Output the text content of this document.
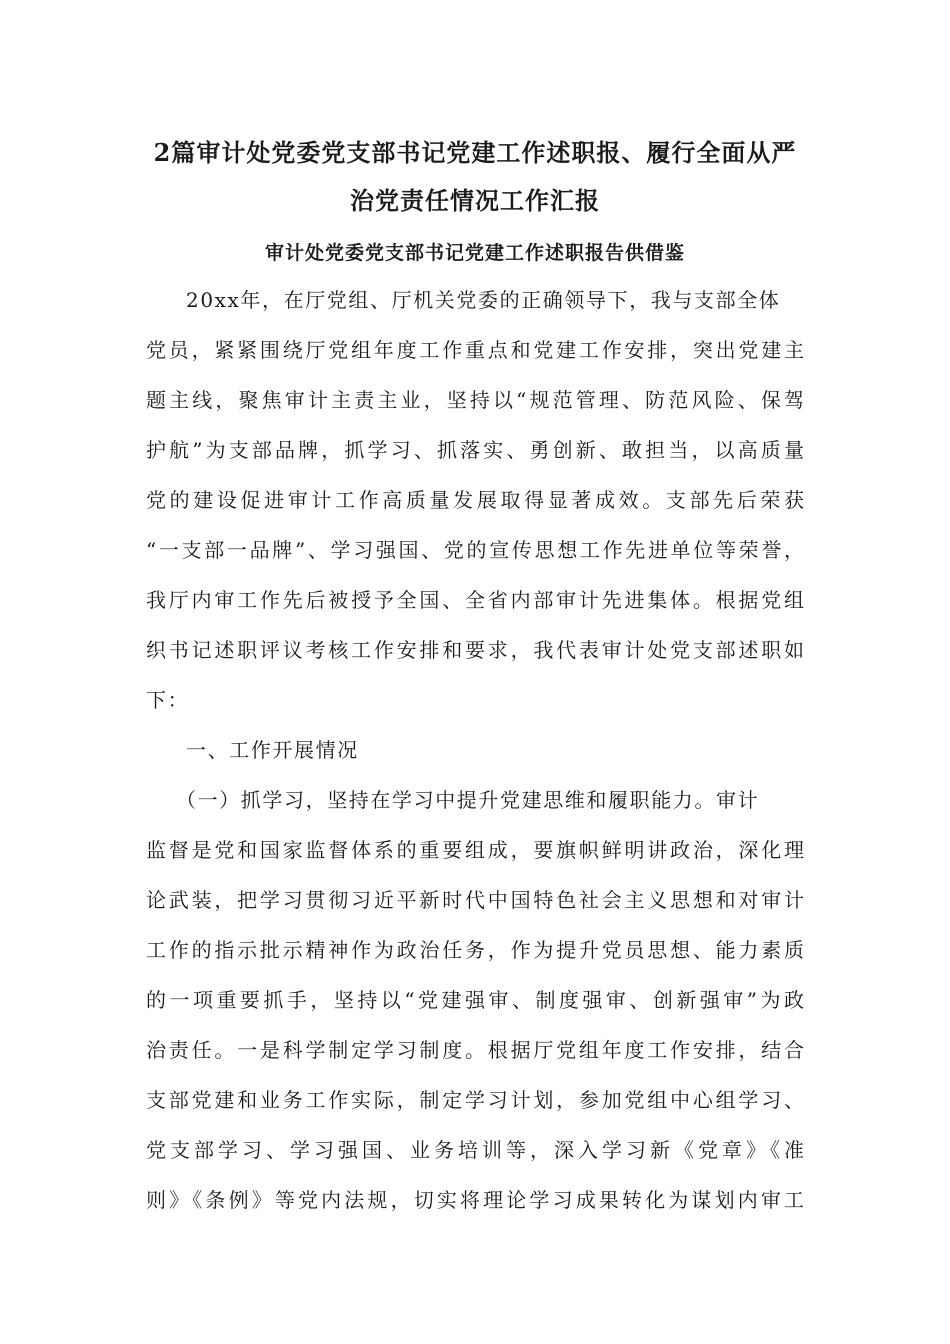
2篇审计处党委党支部书记党建工作述职报、履行全面从严
治党责任情况工作汇报
审计处党委党支部书记党建工作述职报告供借鉴
20xx年，在厅党组、厅机关党委的正确领导下，我与支部全体
党员，紧紧围绕厅党组年度工作重点和党建工作安排，突出党建主
题主线，聚焦审计主责主业，坚持以“规范管理、防范风险、保驾
护航”为支部品牌，抓学习、抓落实、勇创新、敢担当，以高质量
党的建设促进审计工作高质量发展取得显著成效。支部先后荣获
“一支部一品牌”、学习强国、党的宣传思想工作先进单位等荣誉，
我厅内审工作先后被授予全国、全省内部审计先进集体。根据党组
织书记述职评议考核工作安排和要求，我代表审计处党支部述职如
下：
一、工作开展情况
（一）抓学习，坚持在学习中提升党建思维和履职能力。审计
监督是党和国家监督体系的重要组成，要旗帜鲜明讲政治，深化理
论武装，把学习贯彻习近平新时代中国特色社会主义思想和对审计
工作的指示批示精神作为政治任务，作为提升党员思想、能力素质
的一项重要抓手，坚持以“党建强审、制度强审、创新强审”为政
治责任。一是科学制定学习制度。根据厅党组年度工作安排，结合
支部党建和业务工作实际，制定学习计划，参加党组中心组学习、
党支部学习、学习强国、业务培训等，深入学习新《党章》《准
则》《条例》等党内法规，切实将理论学习成果转化为谋划内审工
